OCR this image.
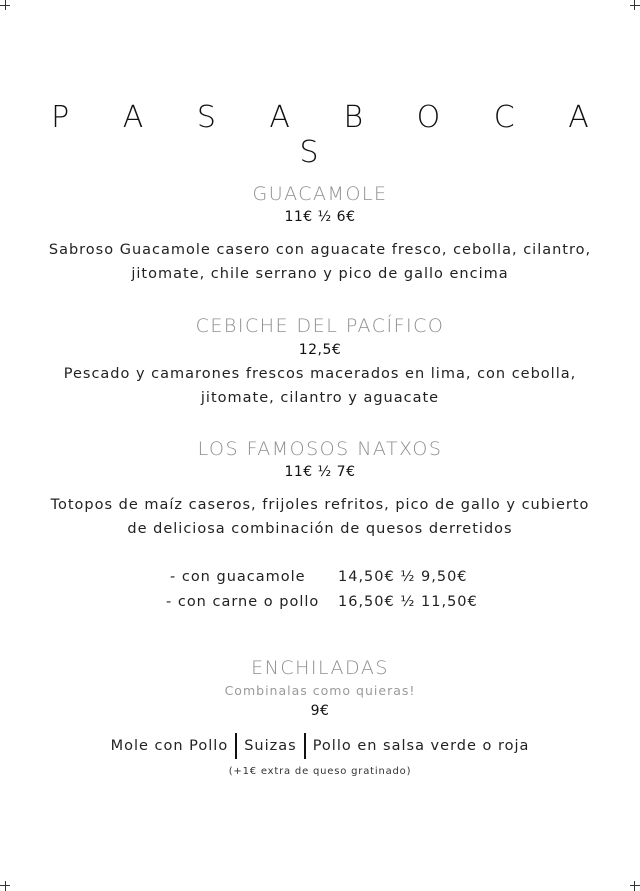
P A S A B O C A S
GUACAMOLE
11€ ½ 6€
Sabroso Guacamole casero con aguacate fresco, cebolla, cilantro,
jitomate, chile serrano y pico de gallo encima
CEBICHE DEL PACÍFICO
12,5€
Pescado y camarones frescos macerados en lima, con cebolla,
jitomate, cilantro y aguacate
LOS FAMOSOS NATXOS
11€ ½ 7€
Totopos de maíz caseros, frijoles refritos, pico de gallo y cubierto
de deliciosa combinación de quesos derretidos
- con guacamole 14,50€ ½ 9,50€
- con carne o pollo 16,50€ ½ 11,50€
ENCHILADAS
Combinalas como quieras!
9€
Mole con Pollo Suizas Pollo en salsa verde o roja
(+1€ extra de queso gratinado)
